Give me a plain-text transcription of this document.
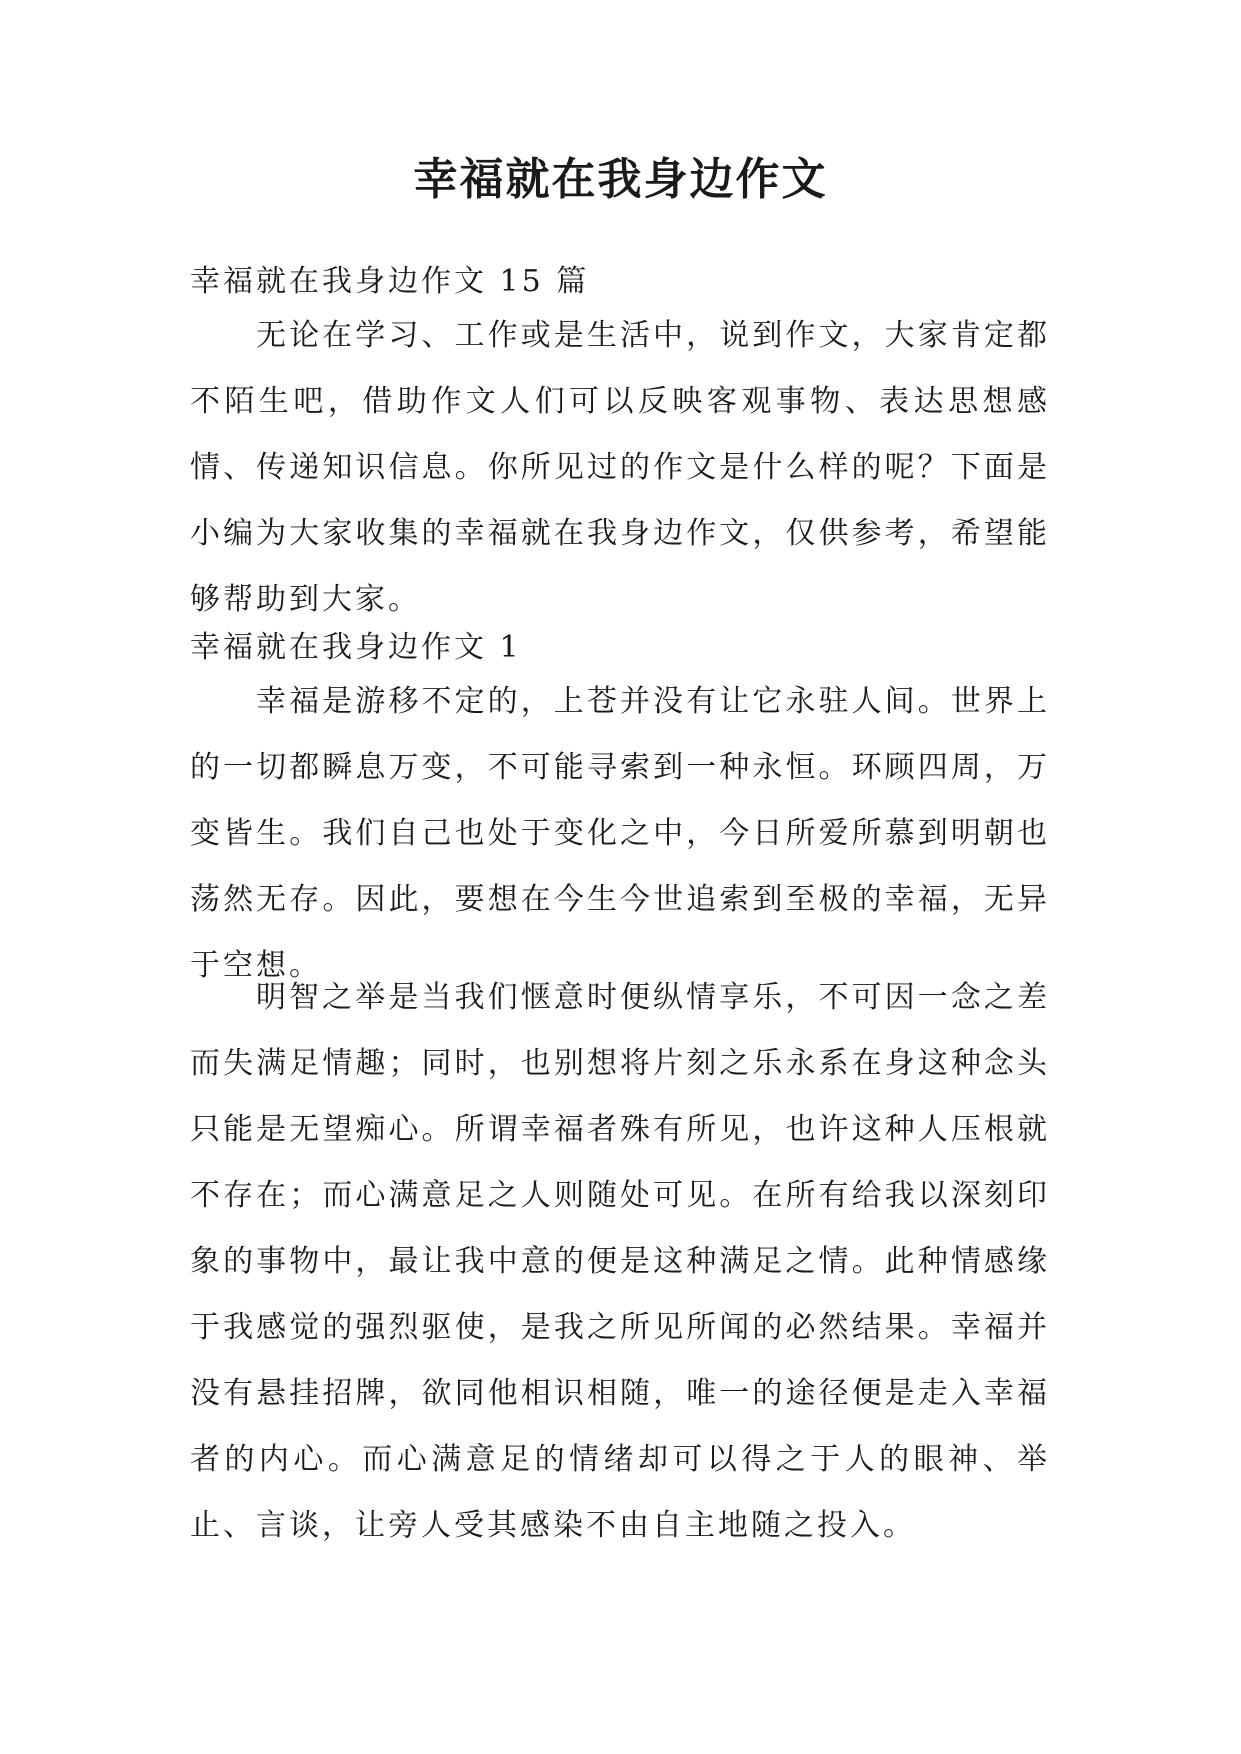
幸福就在我身边作文

幸福就在我身边作文 15 篇

无论在学习、工作或是生活中，说到作文，大家肯定都不陌生吧，借助作文人们可以反映客观事物、表达思想感情、传递知识信息。你所见过的作文是什么样的呢？下面是小编为大家收集的幸福就在我身边作文，仅供参考，希望能够帮助到大家。

幸福就在我身边作文 1

幸福是游移不定的，上苍并没有让它永驻人间。世界上的一切都瞬息万变，不可能寻索到一种永恒。环顾四周，万变皆生。我们自己也处于变化之中，今日所爱所慕到明朝也荡然无存。因此，要想在今生今世追索到至极的幸福，无异于空想。

明智之举是当我们惬意时便纵情享乐，不可因一念之差而失满足情趣；同时，也别想将片刻之乐永系在身这种念头只能是无望痴心。所谓幸福者殊有所见，也许这种人压根就不存在；而心满意足之人则随处可见。在所有给我以深刻印象的事物中，最让我中意的便是这种满足之情。此种情感缘于我感觉的强烈驱使，是我之所见所闻的必然结果。幸福并没有悬挂招牌，欲同他相识相随，唯一的途径便是走入幸福者的内心。而心满意足的情绪却可以得之于人的眼神、举止、言谈，让旁人受其感染不由自主地随之投入。
